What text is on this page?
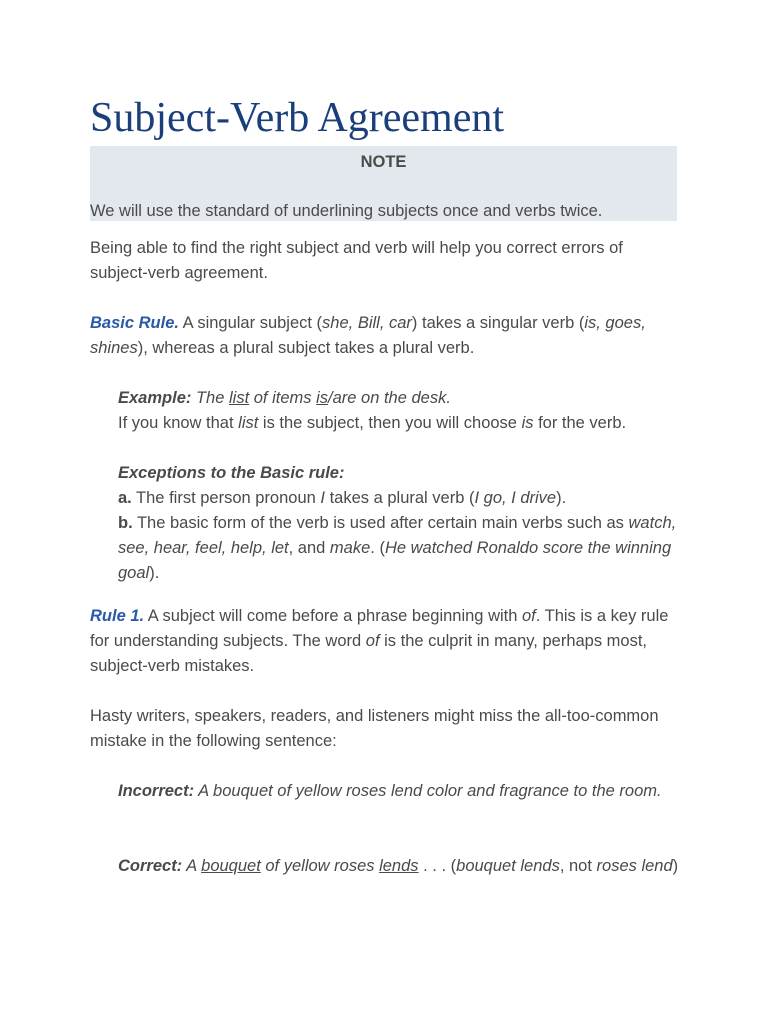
Subject-Verb Agreement
NOTE
We will use the standard of underlining subjects once and verbs twice.

Being able to find the right subject and verb will help you correct errors of subject-verb agreement.

Basic Rule. A singular subject (she, Bill, car) takes a singular verb (is, goes, shines), whereas a plural subject takes a plural verb.

Example: The list of items is/are on the desk.
If you know that list is the subject, then you will choose is for the verb.

Exceptions to the Basic rule:
a. The first person pronoun I takes a plural verb (I go, I drive).
b. The basic form of the verb is used after certain main verbs such as watch, see, hear, feel, help, let, and make. (He watched Ronaldo score the winning goal).

Rule 1. A subject will come before a phrase beginning with of. This is a key rule for understanding subjects. The word of is the culprit in many, perhaps most, subject-verb mistakes.

Hasty writers, speakers, readers, and listeners might miss the all-too-common mistake in the following sentence:

Incorrect: A bouquet of yellow roses lend color and fragrance to the room.

Correct: A bouquet of yellow roses lends . . . (bouquet lends, not roses lend)
